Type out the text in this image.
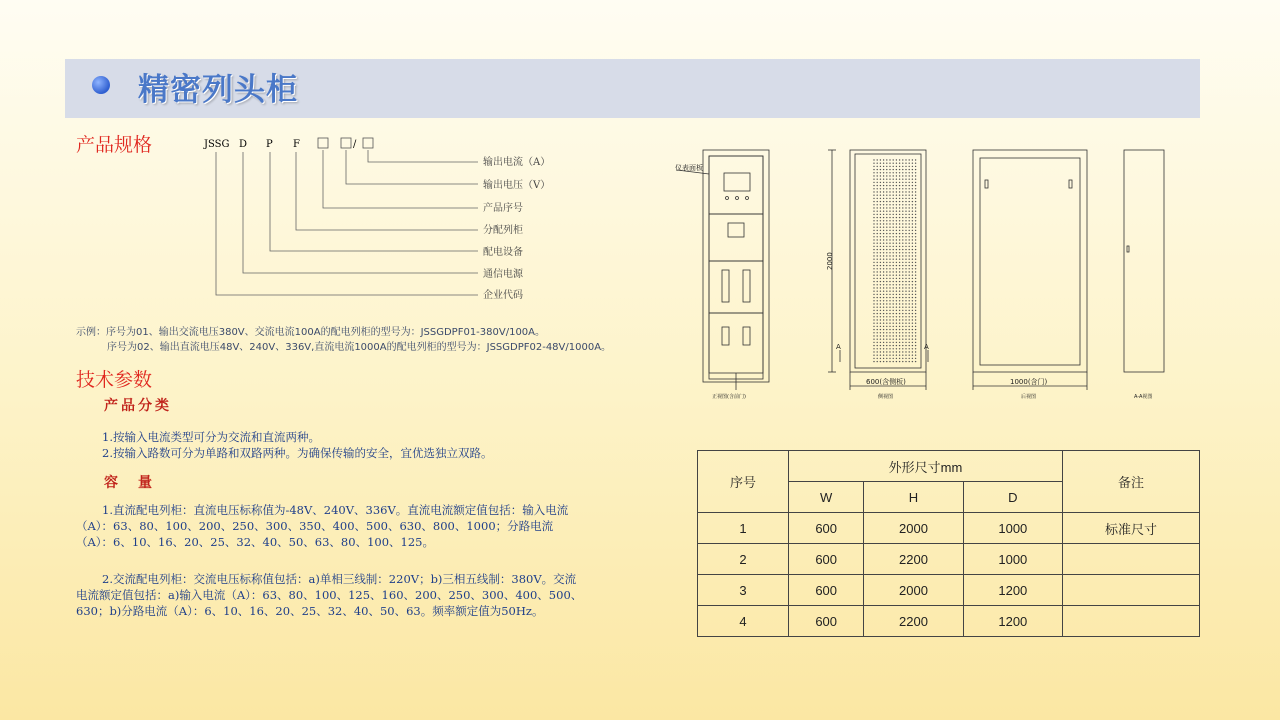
精密列头柜
产品规格	JSSG D P F	/
输出电流（A）
输出电压（V）
产品序号
分配列柜
配电设备
通信电源
企业代码
示例：序号为01、输出交流电压380V、交流电流100A的配电列柜的型号为：JSSGDPF01-380V/100A。
序号为02、输出直流电压48V、240V、336V,直流电流1000A的配电列柜的型号为：JSSGDPF02-48V/1000A。
技术参数
产品分类
1.按输入电流类型可分为交流和直流两种。
2.按输入路数可分为单路和双路两种。为确保传输的安全，宜优选独立双路。
容　量
1.直流配电列柜：直流电压标称值为-48V、240V、336V。直流电流额定值包括：输入电流（A）：63、80、100、200、250、300、350、400、500、630、800、1000；分路电流（A）：6、10、16、20、25、32、40、50、63、80、100、125。
2.交流配电列柜：交流电压标称值包括：a)单相三线制：220V；b)三相五线制：380V。交流电流额定值包括：a)输入电流（A）：63、80、100、125、160、200、250、300、400、500、630；b)分路电流（A）：6、10、16、20、25、32、40、50、63。频率额定值为50Hz。
仪表面板
2000
600(含侧板)	1000(含门)
A	A
正视图(含前门)	侧视图	后视图	A-A视图
序号	外形尺寸mm			备注
	W	H	D	
1	600	2000	1000	标准尺寸
2	600	2200	1000	
3	600	2000	1200	
4	600	2200	1200	
